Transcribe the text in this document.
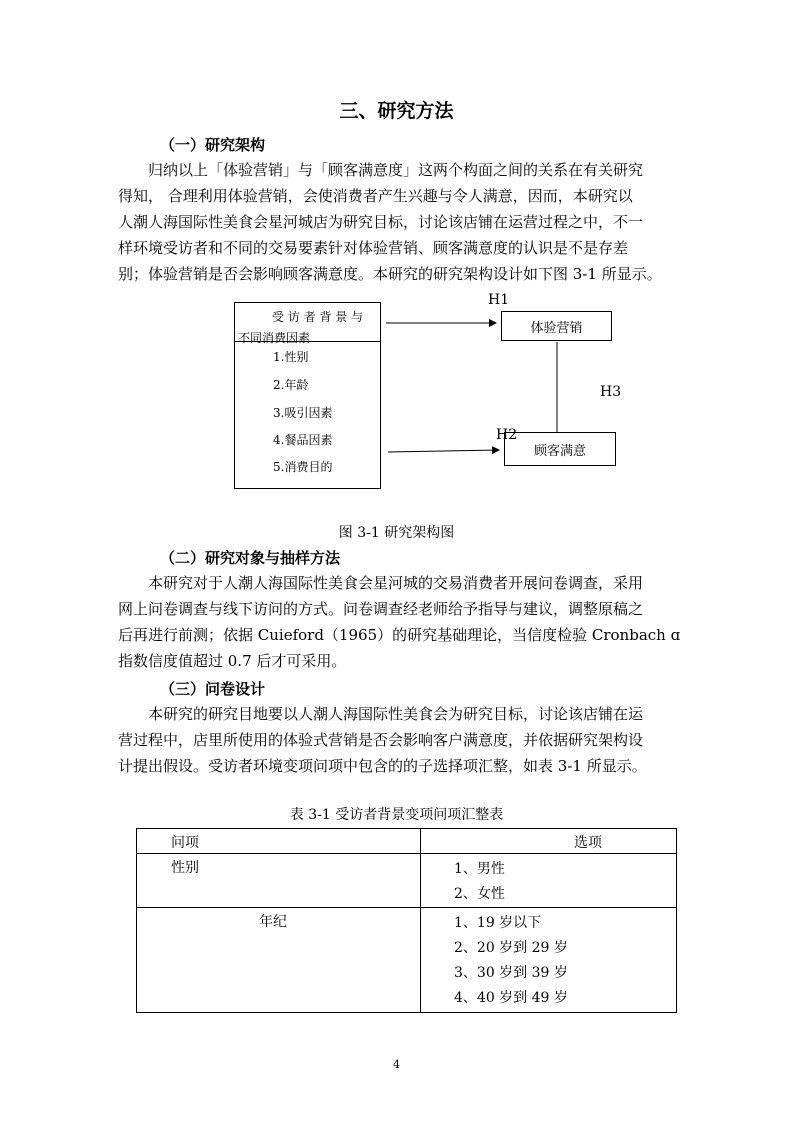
三、研究方法
（一）研究架构
归纳以上「体验营销」与「顾客满意度」这两个构面之间的关系在有关研究
得知， 合理利用体验营销，会使消费者产生兴趣与令人满意，因而，本研究以
人潮人海国际性美食会星河城店为研究目标，讨论该店铺在运营过程之中，不一
样环境受访者和不同的交易要素针对体验营销、顾客满意度的认识是不是存差
别；体验营销是否会影响顾客满意度。本研究的研究架构设计如下图 3-1 所显示。
H1
受 访 者 背 景 与
不同消费因素
1.性别
2.年龄
3.吸引因素
4.餐品因素
5.消费目的
体验营销
顾客满意
H2
H3
图 3-1 研究架构图
（二）研究对象与抽样方法
本研究对于人潮人海国际性美食会星河城的交易消费者开展问卷调查，采用
网上问卷调查与线下访问的方式。问卷调查经老师给予指导与建议，调整原稿之
后再进行前测；依据 Cuieford（1965）的研究基础理论，当信度检验 Cronbach ɑ
指数信度值超过 0.7 后才可采用。
（三）问卷设计
本研究的研究目地要以人潮人海国际性美食会为研究目标，讨论该店铺在运
营过程中，店里所使用的体验式营销是否会影响客户满意度，并依据研究架构设
计提出假设。受访者环境变项问项中包含的的子选择项汇整，如表 3-1 所显示。
表 3-1 受访者背景变项问项汇整表
问项	选项

性别	1、男性
2、女性

年纪	1、19 岁以下
2、20 岁到 29 岁
3、30 岁到 39 岁
4、40 岁到 49 岁
4
